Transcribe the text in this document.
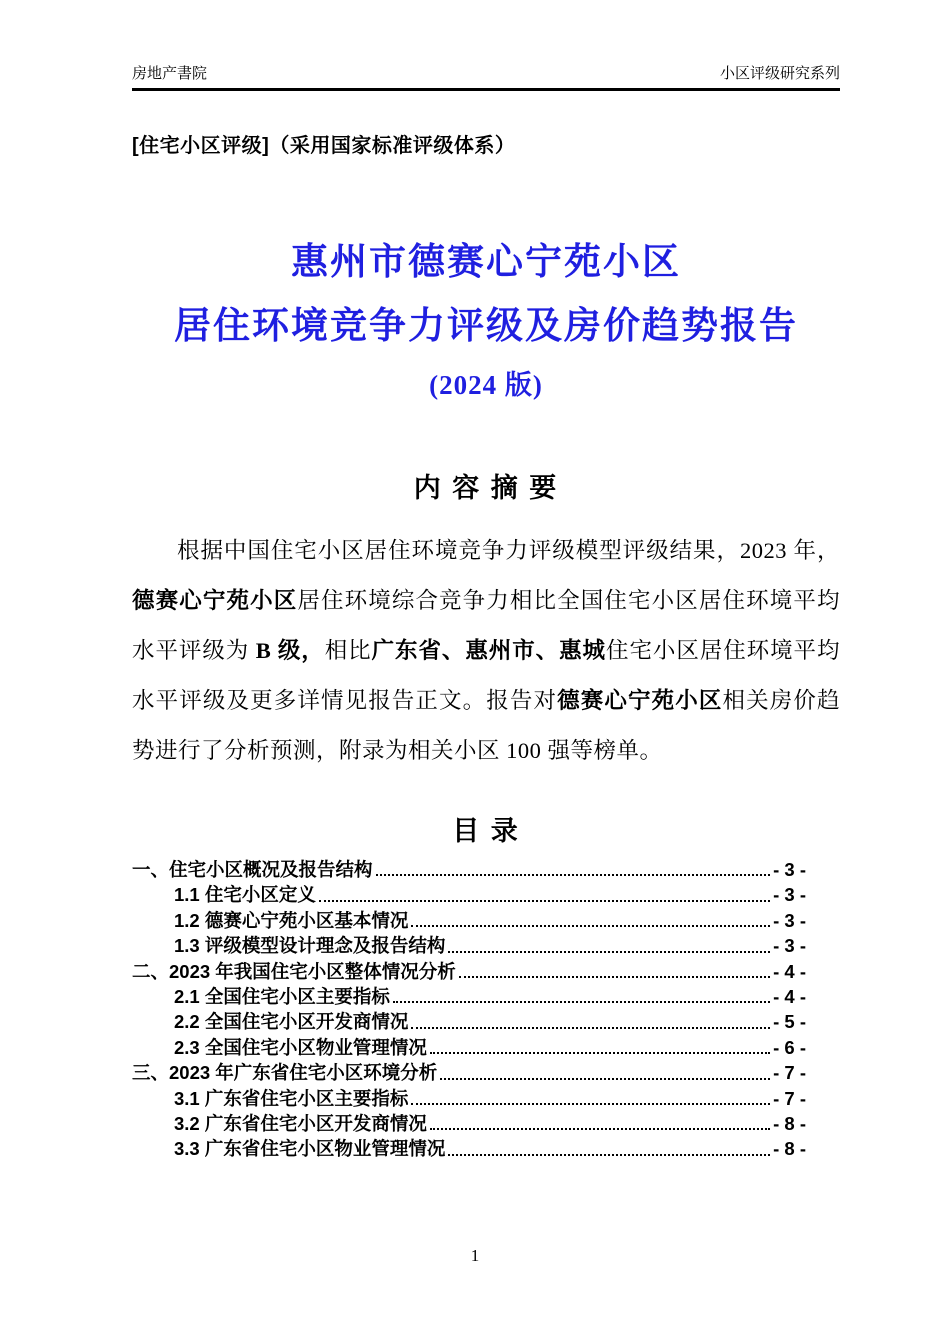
房地产書院	小区评级研究系列
[住宅小区评级]（采用国家标准评级体系）
惠州市德赛心宁苑小区
居住环境竞争力评级及房价趋势报告
(2024 版)
内 容 摘 要

根据中国住宅小区居住环境竞争力评级模型评级结果，2023 年，德赛心宁苑小区居住环境综合竞争力相比全国住宅小区居住环境平均水平评级为 B 级，相比广东省、惠州市、惠城住宅小区居住环境平均水平评级及更多详情见报告正文。报告对德赛心宁苑小区相关房价趋势进行了分析预测，附录为相关小区 100 强等榜单。

目 录
一、住宅小区概况及报告结构	- 3 -
1.1 住宅小区定义	- 3 -
1.2 德赛心宁苑小区基本情况	- 3 -
1.3 评级模型设计理念及报告结构	- 3 -
二、2023 年我国住宅小区整体情况分析	- 4 -
2.1 全国住宅小区主要指标	- 4 -
2.2 全国住宅小区开发商情况	- 5 -
2.3 全国住宅小区物业管理情况	- 6 -
三、2023 年广东省住宅小区环境分析	- 7 -
3.1 广东省住宅小区主要指标	- 7 -
3.2 广东省住宅小区开发商情况	- 8 -
3.3 广东省住宅小区物业管理情况	- 8 -
1
